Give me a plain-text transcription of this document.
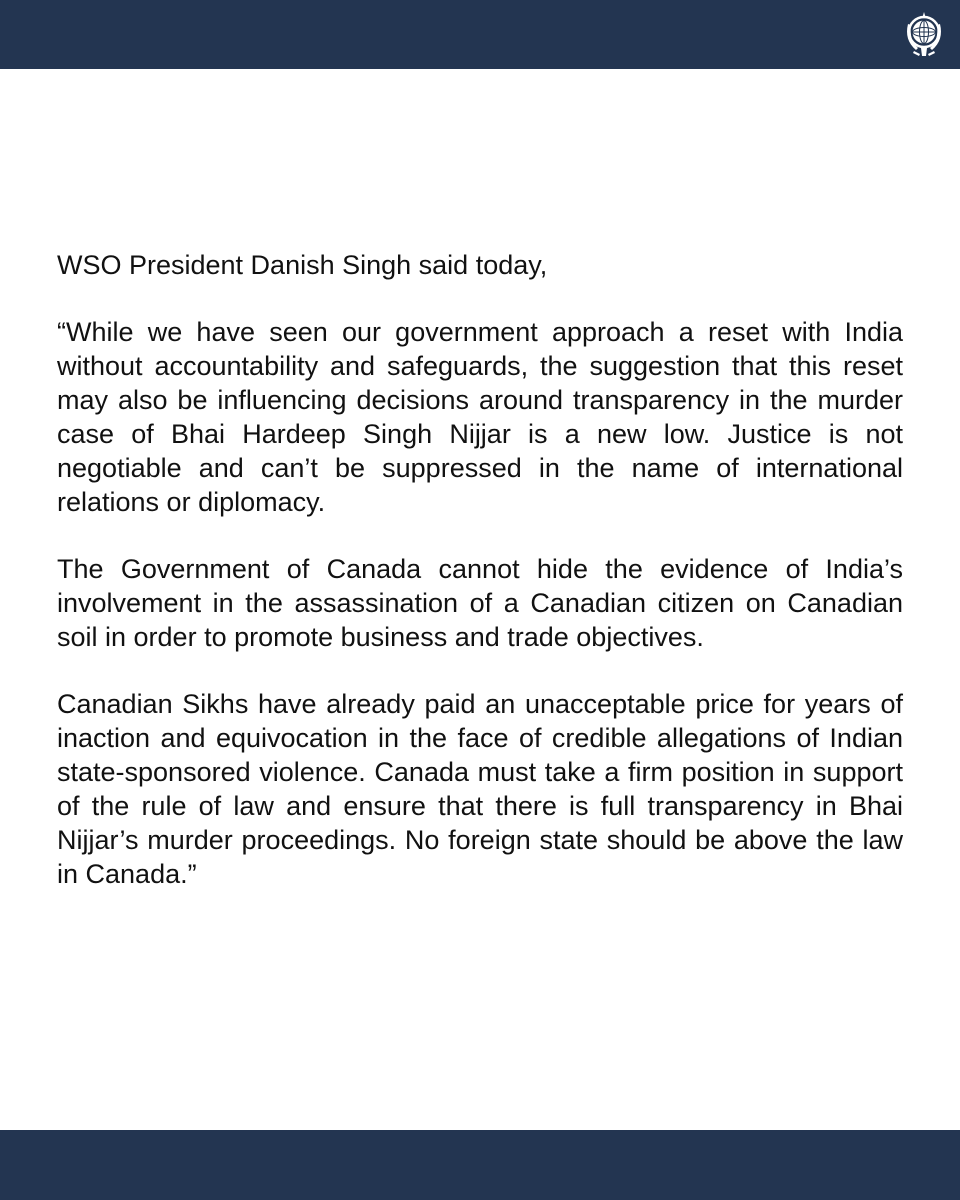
WSO President Danish Singh said today,

“While we have seen our government approach a reset with India without accountability and safeguards, the suggestion that this reset may also be influencing decisions around transparency in the murder case of Bhai Hardeep Singh Nijjar is a new low. Justice is not negotiable and can’t be suppressed in the name of international relations or diplomacy.

The Government of Canada cannot hide the evidence of India’s involvement in the assassination of a Canadian citizen on Canadian soil in order to promote business and trade objectives.

Canadian Sikhs have already paid an unacceptable price for years of inaction and equivocation in the face of credible allegations of Indian state-sponsored violence. Canada must take a firm position in support of the rule of law and ensure that there is full transparency in Bhai Nijjar’s murder proceedings. No foreign state should be above the law in Canada.”
